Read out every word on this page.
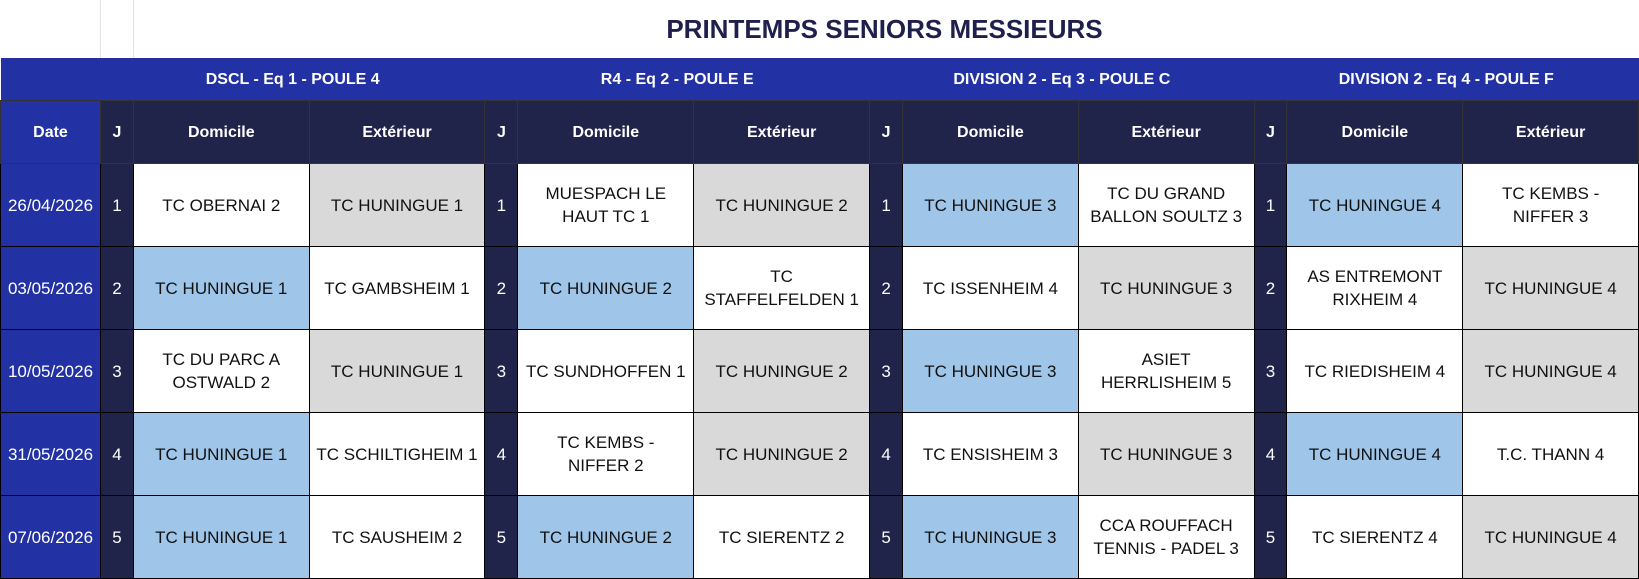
PRINTEMPS SENIORS MESSIEURS
	DSCL - Eq 1 - POULE 4			R4 - Eq 2 - POULE E			DIVISION 2 - Eq 3 - POULE C			DIVISION 2 - Eq 4 - POULE F		
Date	J	Domicile	Extérieur	J	Domicile	Extérieur	J	Domicile	Extérieur	J	Domicile	Extérieur
26/04/2026	1	TC OBERNAI 2	TC HUNINGUE 1	1	MUESPACH LE HAUT TC 1	TC HUNINGUE 2	1	TC HUNINGUE 3	TC DU GRAND BALLON SOULTZ 3	1	TC HUNINGUE 4	TC KEMBS - NIFFER 3
03/05/2026	2	TC HUNINGUE 1	TC GAMBSHEIM 1	2	TC HUNINGUE 2	TC STAFFELFELDEN 1	2	TC ISSENHEIM 4	TC HUNINGUE 3	2	AS ENTREMONT RIXHEIM 4	TC HUNINGUE 4
10/05/2026	3	TC DU PARC A OSTWALD 2	TC HUNINGUE 1	3	TC SUNDHOFFEN 1	TC HUNINGUE 2	3	TC HUNINGUE 3	ASIET HERRLISHEIM 5	3	TC RIEDISHEIM 4	TC HUNINGUE 4
31/05/2026	4	TC HUNINGUE 1	TC SCHILTIGHEIM 1	4	TC KEMBS - NIFFER 2	TC HUNINGUE 2	4	TC ENSISHEIM 3	TC HUNINGUE 3	4	TC HUNINGUE 4	T.C. THANN 4
07/06/2026	5	TC HUNINGUE 1	TC SAUSHEIM 2	5	TC HUNINGUE 2	TC SIERENTZ 2	5	TC HUNINGUE 3	CCA ROUFFACH TENNIS - PADEL 3	5	TC SIERENTZ 4	TC HUNINGUE 4
